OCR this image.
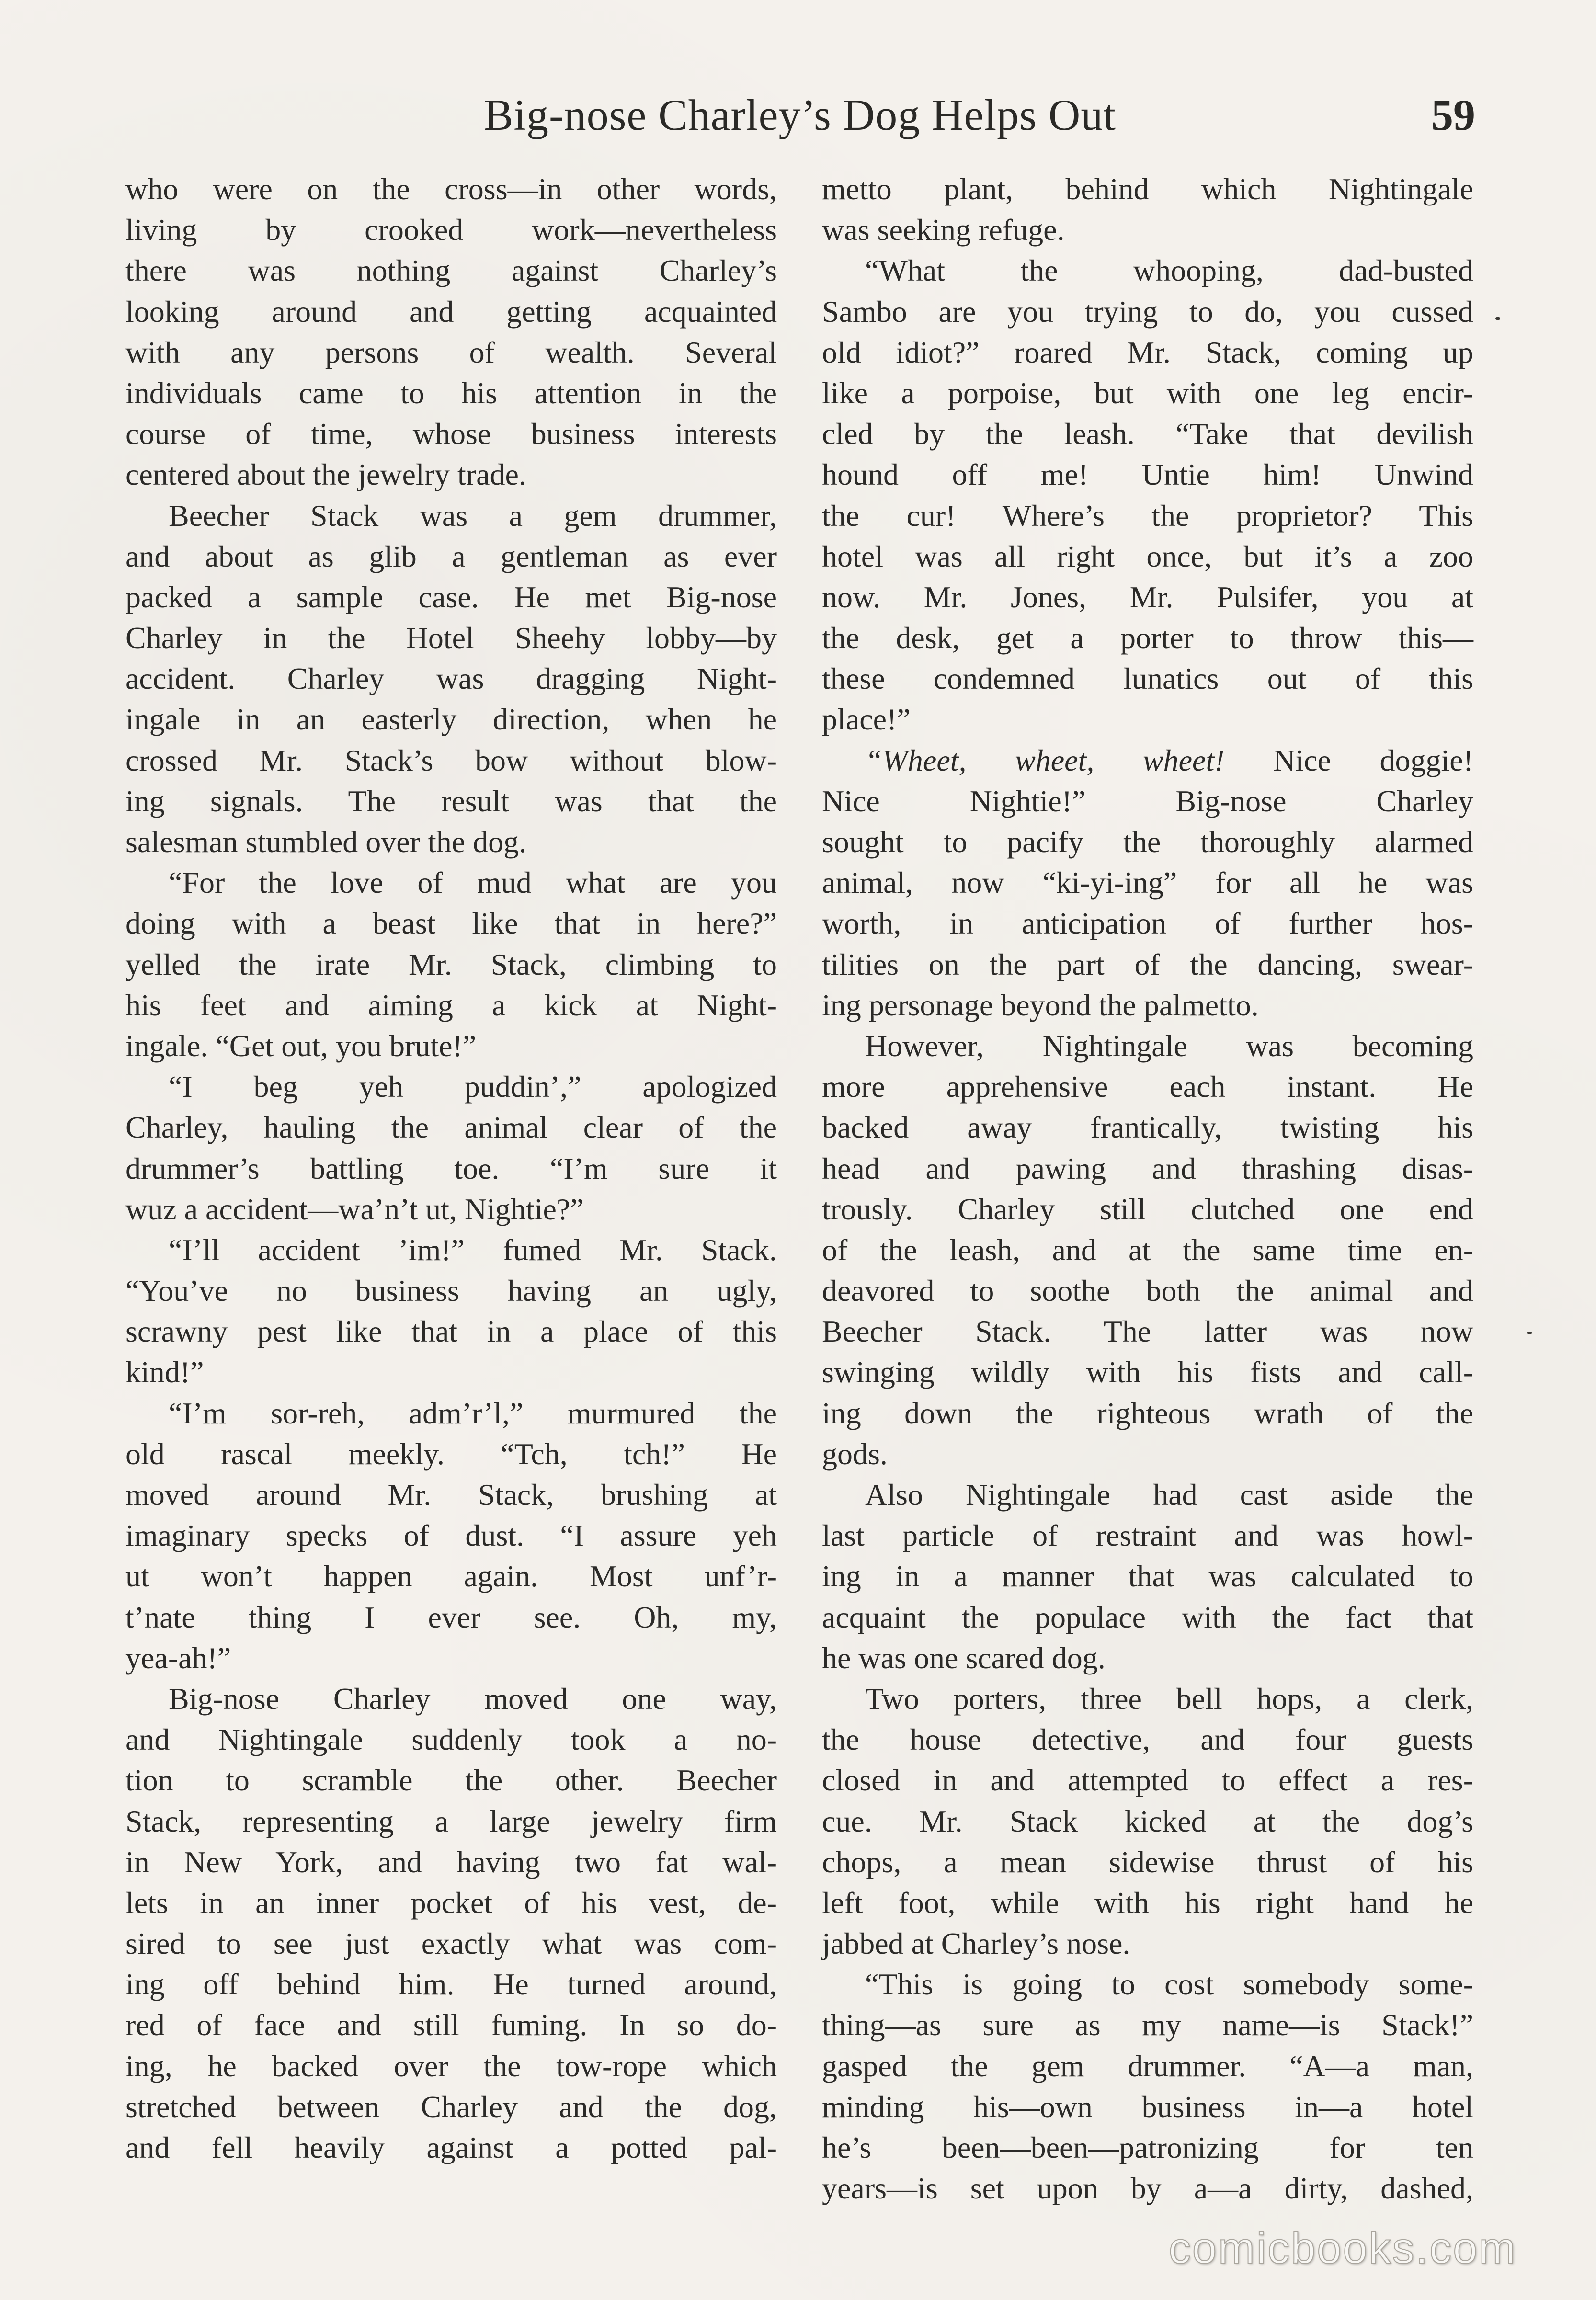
Big-nose Charley’s Dog Helps Out	59
who were on the cross—in other words,
living by crooked work—nevertheless
there was nothing against Charley’s
looking around and getting acquainted
with any persons of wealth. Several
individuals came to his attention in the
course of time, whose business interests
centered about the jewelry trade.
Beecher Stack was a gem drummer,
and about as glib a gentleman as ever
packed a sample case. He met Big-nose
Charley in the Hotel Sheehy lobby—by
accident. Charley was dragging Night-
ingale in an easterly direction, when he
crossed Mr. Stack’s bow without blow-
ing signals. The result was that the
salesman stumbled over the dog.
“For the love of mud what are you
doing with a beast like that in here?”
yelled the irate Mr. Stack, climbing to
his feet and aiming a kick at Night-
ingale. “Get out, you brute!”
“I beg yeh puddin’,” apologized
Charley, hauling the animal clear of the
drummer’s battling toe. “I’m sure it
wuz a accident—wa’n’t ut, Nightie?”
“I’ll accident ’im!” fumed Mr. Stack.
“You’ve no business having an ugly,
scrawny pest like that in a place of this
kind!”
“I’m sor-reh, adm’r’l,” murmured the
old rascal meekly. “Tch, tch!” He
moved around Mr. Stack, brushing at
imaginary specks of dust. “I assure yeh
ut won’t happen again. Most unf’r-
t’nate thing I ever see. Oh, my,
yea-ah!”
Big-nose Charley moved one way,
and Nightingale suddenly took a no-
tion to scramble the other. Beecher
Stack, representing a large jewelry firm
in New York, and having two fat wal-
lets in an inner pocket of his vest, de-
sired to see just exactly what was com-
ing off behind him. He turned around,
red of face and still fuming. In so do-
ing, he backed over the tow-rope which
stretched between Charley and the dog,
and fell heavily against a potted pal-
metto plant, behind which Nightingale
was seeking refuge.
“What the whooping, dad-busted
Sambo are you trying to do, you cussed
old idiot?” roared Mr. Stack, coming up
like a porpoise, but with one leg encir-
cled by the leash. “Take that devilish
hound off me! Untie him! Unwind
the cur! Where’s the proprietor? This
hotel was all right once, but it’s a zoo
now. Mr. Jones, Mr. Pulsifer, you at
the desk, get a porter to throw this—
these condemned lunatics out of this
place!”
“Wheet, wheet, wheet! Nice doggie!
Nice Nightie!” Big-nose Charley
sought to pacify the thoroughly alarmed
animal, now “ki-yi-ing” for all he was
worth, in anticipation of further hos-
tilities on the part of the dancing, swear-
ing personage beyond the palmetto.
However, Nightingale was becoming
more apprehensive each instant. He
backed away frantically, twisting his
head and pawing and thrashing disas-
trously. Charley still clutched one end
of the leash, and at the same time en-
deavored to soothe both the animal and
Beecher Stack. The latter was now
swinging wildly with his fists and call-
ing down the righteous wrath of the
gods.
Also Nightingale had cast aside the
last particle of restraint and was howl-
ing in a manner that was calculated to
acquaint the populace with the fact that
he was one scared dog.
Two porters, three bell hops, a clerk,
the house detective, and four guests
closed in and attempted to effect a res-
cue. Mr. Stack kicked at the dog’s
chops, a mean sidewise thrust of his
left foot, while with his right hand he
jabbed at Charley’s nose.
“This is going to cost somebody some-
thing—as sure as my name—is Stack!”
gasped the gem drummer. “A—a man,
minding his—own business in—a hotel
he’s been—been—patronizing for ten
years—is set upon by a—a dirty, dashed,
comicbooks.com
